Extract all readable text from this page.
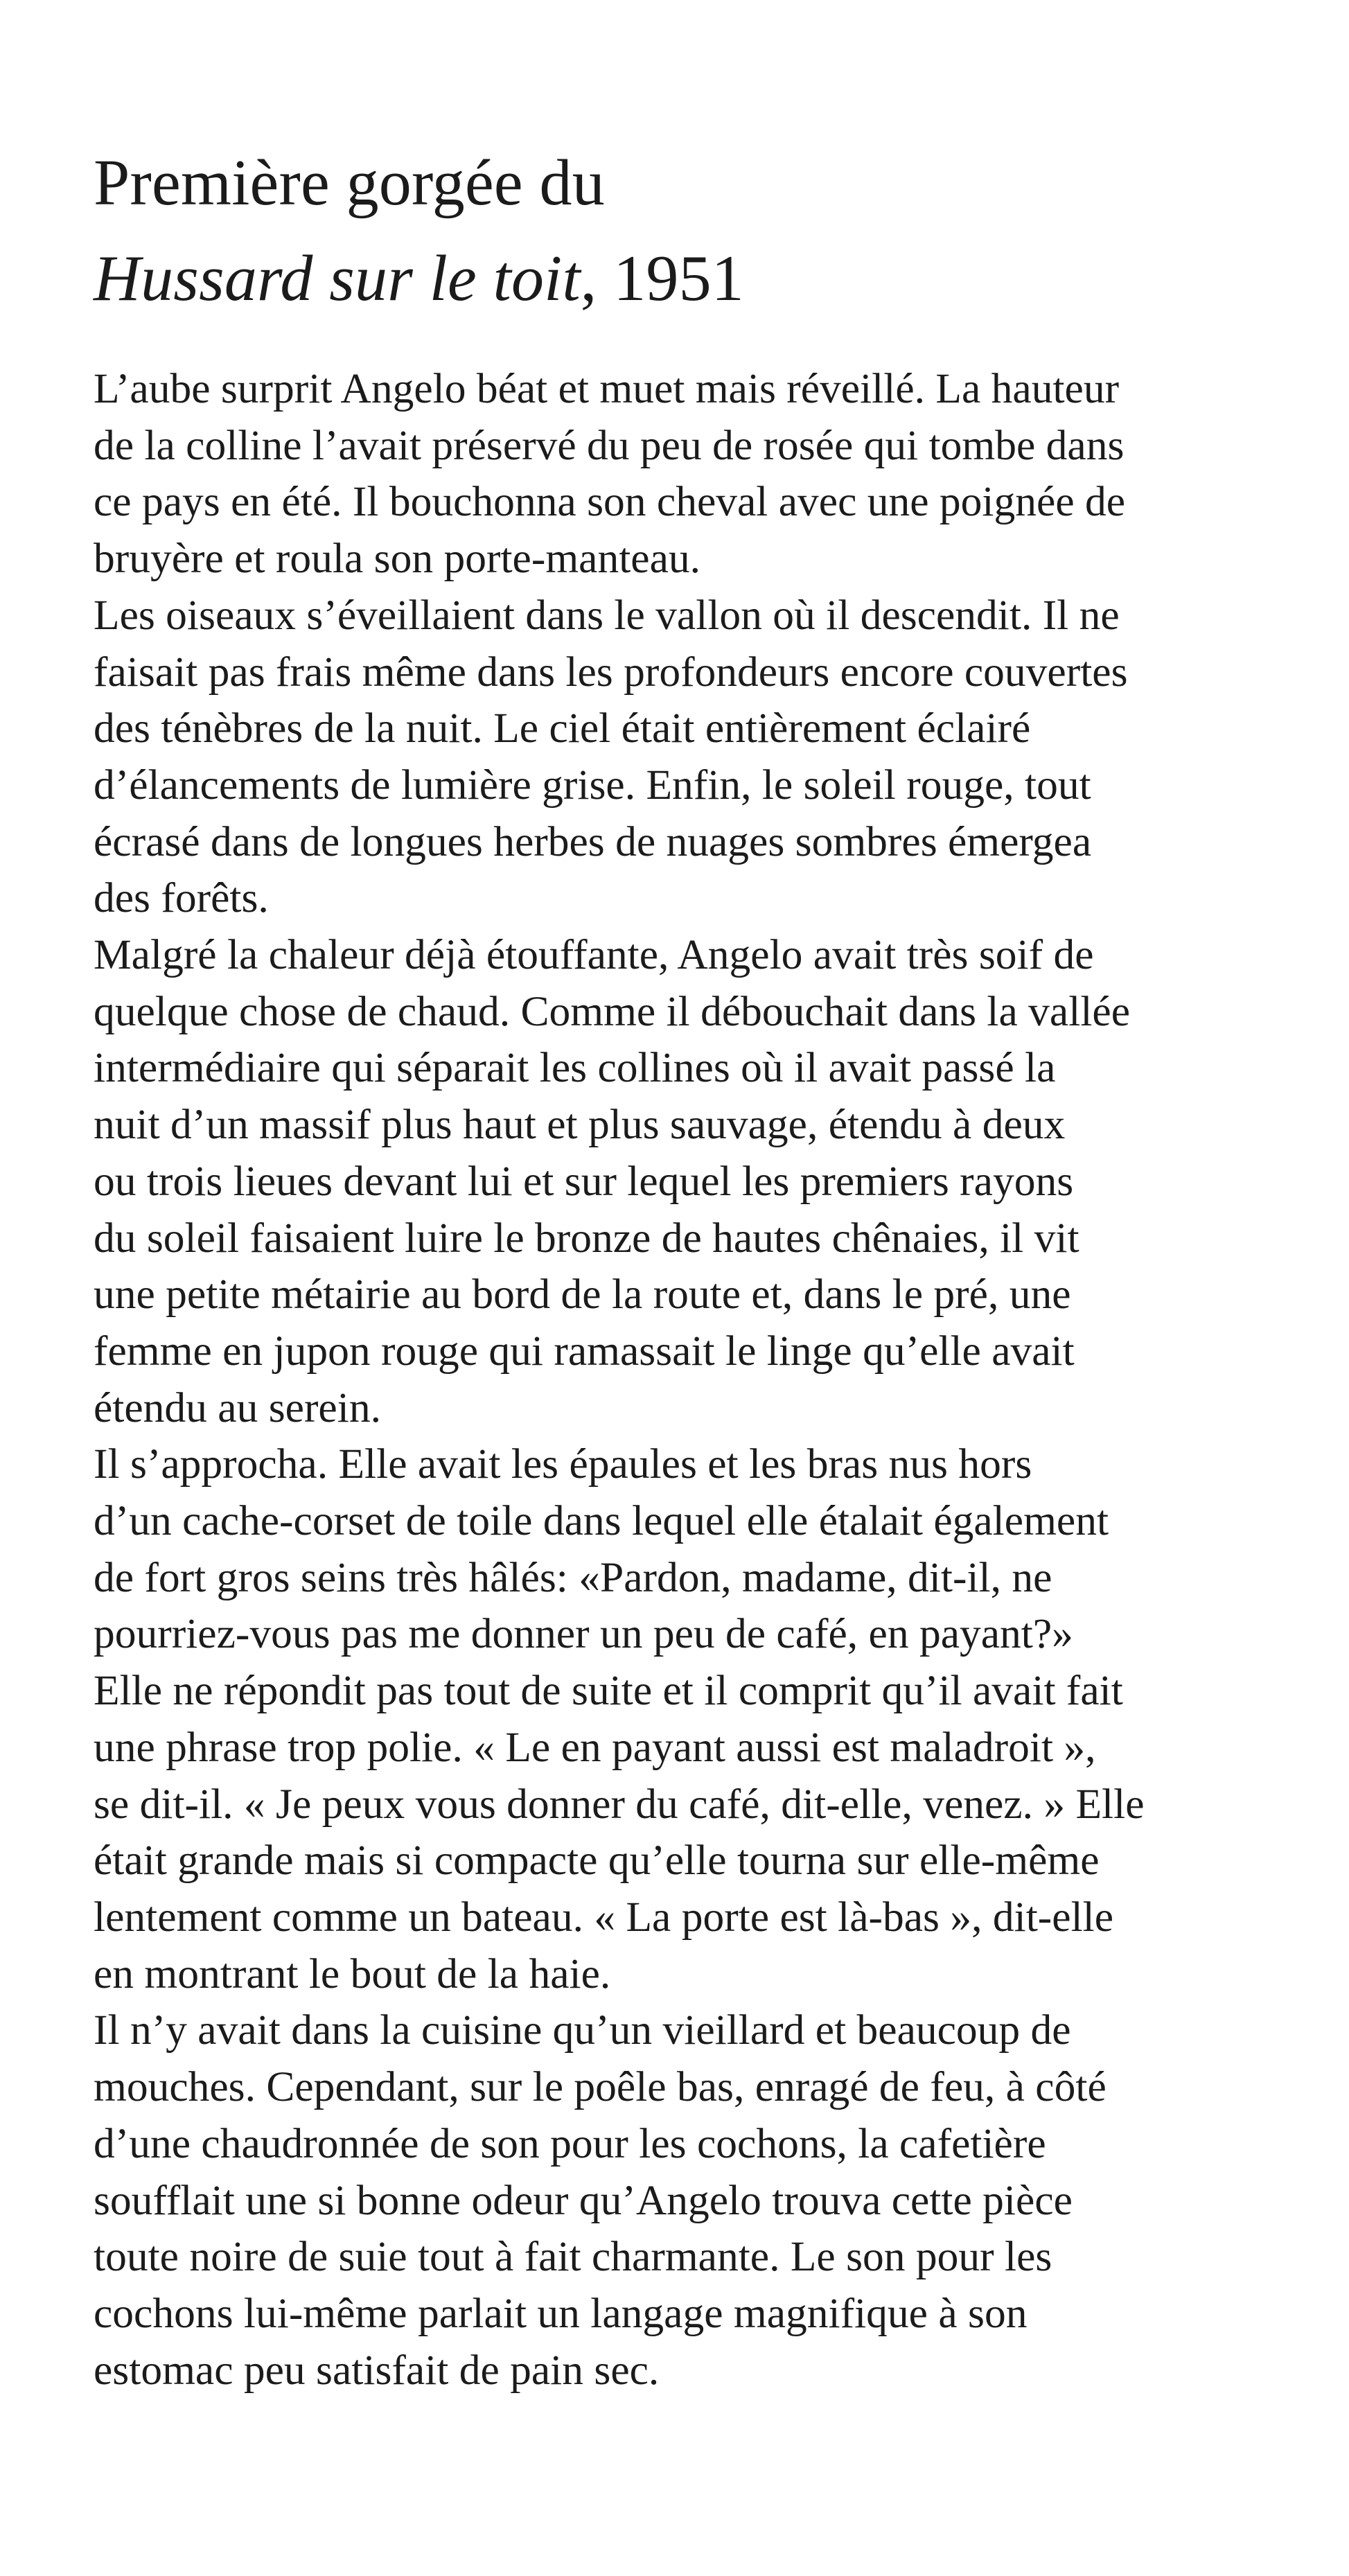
Première gorgée du
Hussard sur le toit, 1951

L’aube surprit Angelo béat et muet mais réveillé. La hauteur
de la colline l’avait préservé du peu de rosée qui tombe dans
ce pays en été. Il bouchonna son cheval avec une poignée de
bruyère et roula son porte-manteau.

Les oiseaux s’éveillaient dans le vallon où il descendit. Il ne
faisait pas frais même dans les profondeurs encore couvertes
des ténèbres de la nuit. Le ciel était entièrement éclairé
d’élancements de lumière grise. Enfin, le soleil rouge, tout
écrasé dans de longues herbes de nuages sombres émergea
des forêts.

Malgré la chaleur déjà étouffante, Angelo avait très soif de
quelque chose de chaud. Comme il débouchait dans la vallée
intermédiaire qui séparait les collines où il avait passé la
nuit d’un massif plus haut et plus sauvage, étendu à deux
ou trois lieues devant lui et sur lequel les premiers rayons
du soleil faisaient luire le bronze de hautes chênaies, il vit
une petite métairie au bord de la route et, dans le pré, une
femme en jupon rouge qui ramassait le linge qu’elle avait
étendu au serein.

Il s’approcha. Elle avait les épaules et les bras nus hors
d’un cache-corset de toile dans lequel elle étalait également
de fort gros seins très hâlés: «Pardon, madame, dit-il, ne
pourriez-vous pas me donner un peu de café, en payant?»
Elle ne répondit pas tout de suite et il comprit qu’il avait fait
une phrase trop polie. « Le en payant aussi est maladroit »,
se dit-il. « Je peux vous donner du café, dit-elle, venez. » Elle
était grande mais si compacte qu’elle tourna sur elle-même
lentement comme un bateau. « La porte est là-bas », dit-elle
en montrant le bout de la haie.

Il n’y avait dans la cuisine qu’un vieillard et beaucoup de
mouches. Cependant, sur le poêle bas, enragé de feu, à côté
d’une chaudronnée de son pour les cochons, la cafetière
soufflait une si bonne odeur qu’Angelo trouva cette pièce
toute noire de suie tout à fait charmante. Le son pour les
cochons lui-même parlait un langage magnifique à son
estomac peu satisfait de pain sec.
